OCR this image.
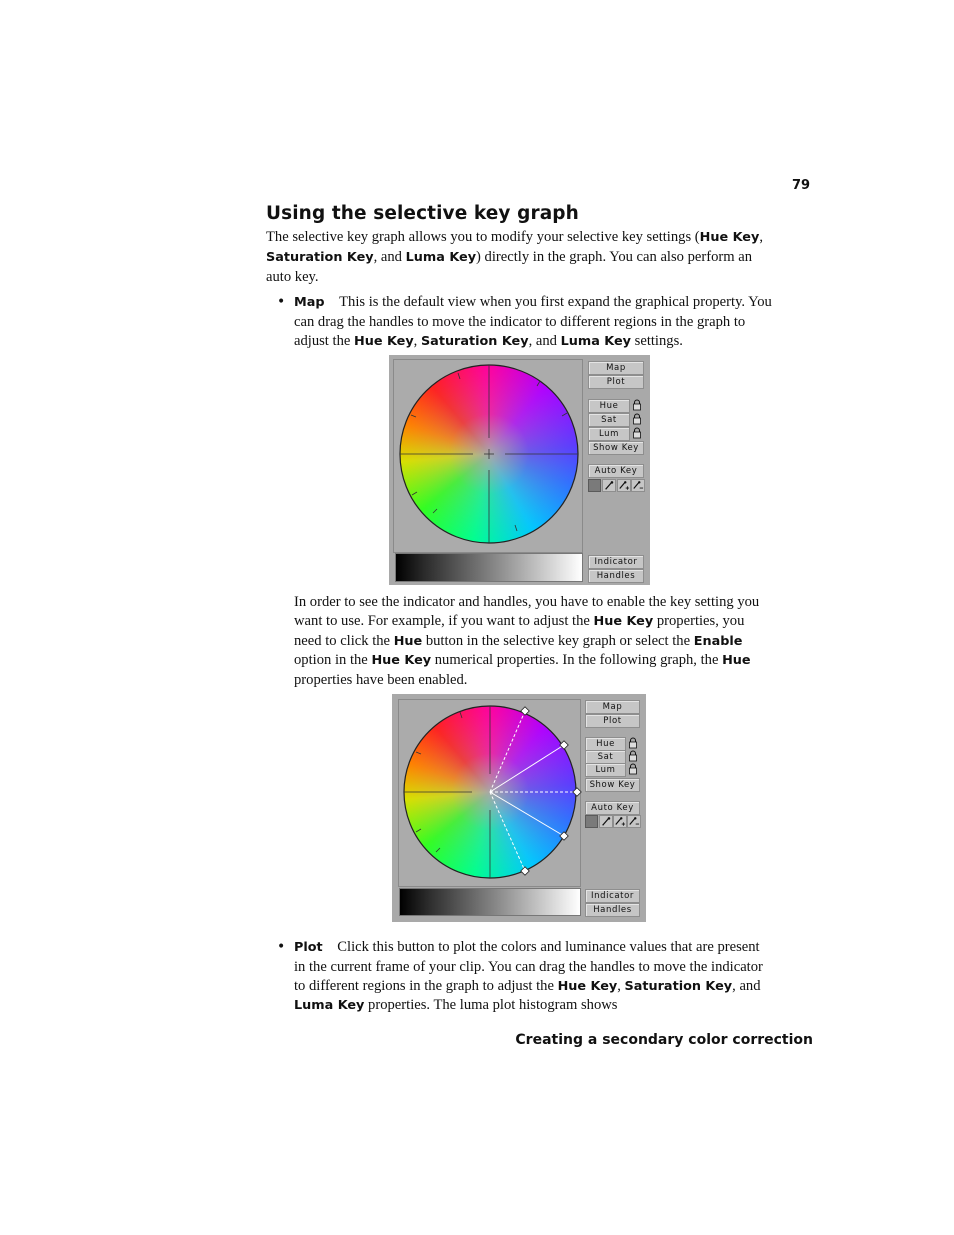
79
Using the selective key graph

The selective key graph allows you to modify your selective key settings (Hue Key, Saturation Key, and Luma Key) directly in the graph. You can also perform an auto key.

• Map This is the default view when you first expand the graphical property. You can drag the handles to move the indicator to different regions in the graph to adjust the Hue Key, Saturation Key, and Luma Key settings.

Map
Plot
Hue
Sat
Lum
Show Key
Auto Key
Indicator
Handles

In order to see the indicator and handles, you have to enable the key setting you want to use. For example, if you want to adjust the Hue Key properties, you need to click the Hue button in the selective key graph or select the Enable option in the Hue Key numerical properties. In the following graph, the Hue properties have been enabled.

Map
Plot
Hue
Sat
Lum
Show Key
Auto Key
Indicator
Handles
• Plot Click this button to plot the colors and luminance values that are present in the current frame of your clip. You can drag the handles to move the indicator to different regions in the graph to adjust the Hue Key, Saturation Key, and Luma Key properties. The luma plot histogram shows

Creating a secondary color correction
